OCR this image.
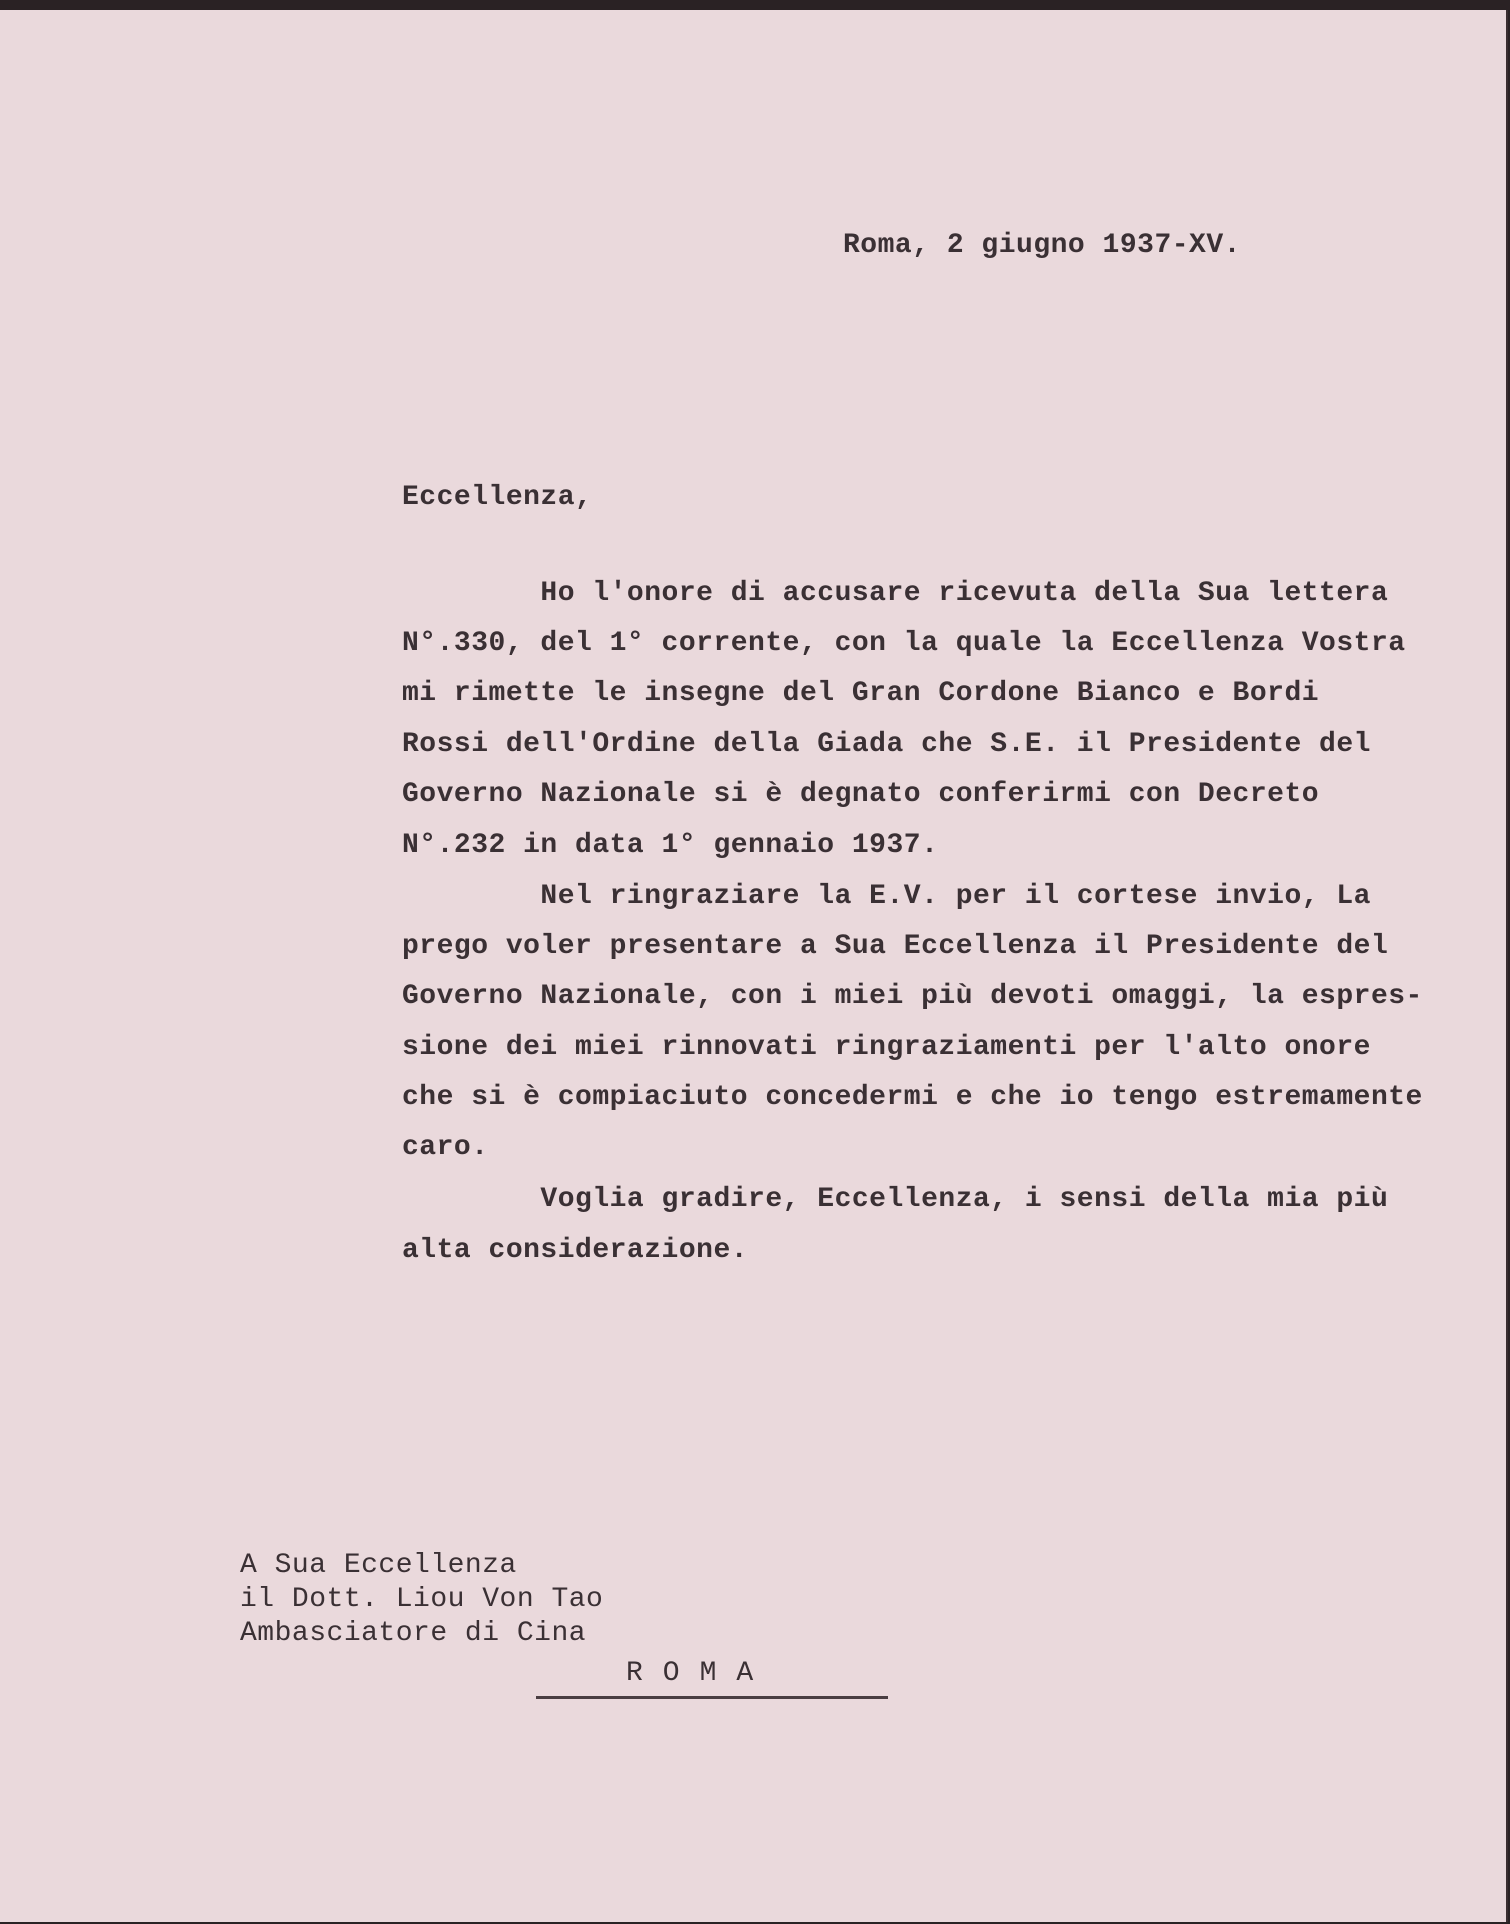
Roma, 2 giugno 1937-XV.
Eccellenza,
Ho l'onore di accusare ricevuta della Sua lettera
N°.330, del 1° corrente, con la quale la Eccellenza Vostra
mi rimette le insegne del Gran Cordone Bianco e Bordi
Rossi dell'Ordine della Giada che S.E. il Presidente del
Governo Nazionale si è degnato conferirmi con Decreto
N°.232 in data 1° gennaio 1937.
Nel ringraziare la E.V. per il cortese invio, La
prego voler presentare a Sua Eccellenza il Presidente del
Governo Nazionale, con i miei più devoti omaggi, la espres-
sione dei miei rinnovati ringraziamenti per l'alto onore
che si è compiaciuto concedermi e che io tengo estremamente
caro.
Voglia gradire, Eccellenza, i sensi della mia più
alta considerazione.
A Sua Eccellenza
il Dott. Liou Von Tao
Ambasciatore di Cina
ROMA
